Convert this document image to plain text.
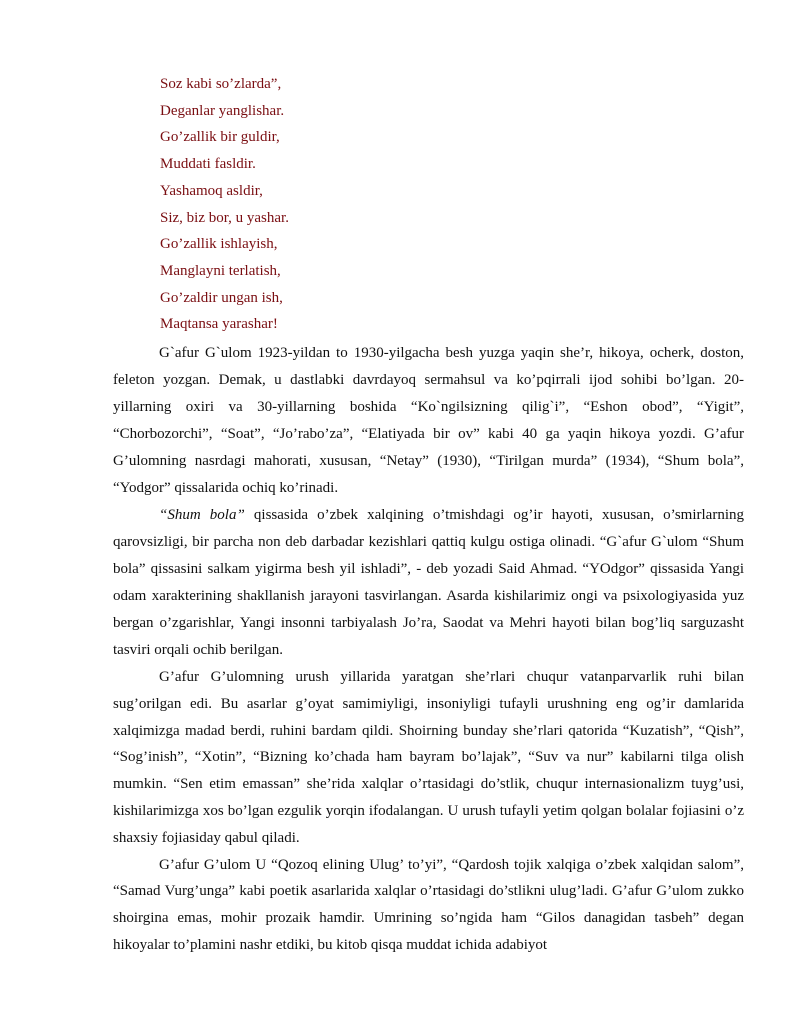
Soz kabi so’zlarda”,
Deganlar yanglishar.
Go’zallik bir guldir,
Muddati fasldir.
Yashamoq asldir,
Siz, biz bor, u yashar.
Go’zallik ishlayish,
Manglayni terlatish,
Go’zaldir ungan ish,
Maqtansa yarashar!

G`afur G`ulom 1923-yildan to 1930-yilgacha besh yuzga yaqin she’r, hikoya, ocherk, doston, feleton yozgan. Demak, u dastlabki davrdayoq sermahsul va ko’pqirrali ijod sohibi bo’lgan. 20-yillarning oxiri va 30-yillarning boshida “Ko`ngilsizning qilig`i”, “Eshon obod”, “Yigit”, “Chorbozorchi”, “Soat”, “Jo’rabo’za”, “Elatiyada bir ov” kabi 40 ga yaqin hikoya yozdi. G’afur G’ulomning nasrdagi mahorati, xususan, “Netay” (1930), “Tirilgan murda” (1934), “Shum bola”, “Yodgor” qissalarida ochiq ko’rinadi.

“Shum bola” qissasida o’zbek xalqining o’tmishdagi og’ir hayoti, xususan, o’smirlarning qarovsizligi, bir parcha non deb darbadar kezishlari qattiq kulgu ostiga olinadi. “G`afur G`ulom “Shum bola” qissasini salkam yigirma besh yil ishladi”, - deb yozadi Said Ahmad. “YOdgor” qissasida Yangi odam xarakterining shakllanish jarayoni tasvirlangan. Asarda kishilarimiz ongi va psixologiyasida yuz bergan o’zgarishlar, Yangi insonni tarbiyalash Jo’ra, Saodat va Mehri hayoti bilan bog’liq sarguzasht tasviri orqali ochib berilgan.

G’afur G’ulomning urush yillarida yaratgan she’rlari chuqur vatanparvarlik ruhi bilan sug’orilgan edi. Bu asarlar g’oyat samimiyligi, insoniyligi tufayli urushning eng og’ir damlarida xalqimizga madad berdi, ruhini bardam qildi. Shoirning bunday she’rlari qatorida “Kuzatish”, “Qish”, “Sog’inish”, “Xotin”, “Bizning ko’chada ham bayram bo’lajak”, “Suv va nur” kabilarni tilga olish mumkin. “Sen etim emassan” she’rida xalqlar o’rtasidagi do’stlik, chuqur internasionalizm tuyg’usi, kishilarimizga xos bo’lgan ezgulik yorqin ifodalangan. U urush tufayli yetim qolgan bolalar fojiasini o’z shaxsiy fojiasiday qabul qiladi.

G’afur G’ulom U “Qozoq elining Ulug’ to’yi”, “Qardosh tojik xalqiga o’zbek xalqidan salom”, “Samad Vurg’unga” kabi poetik asarlarida xalqlar o’rtasidagi do’stlikni ulug’ladi. G’afur G’ulom zukko shoirgina emas, mohir prozaik hamdir. Umrining so’ngida ham “Gilos danagidan tasbeh” degan hikoyalar to’plamini nashr etdiki, bu kitob qisqa muddat ichida adabiyot
